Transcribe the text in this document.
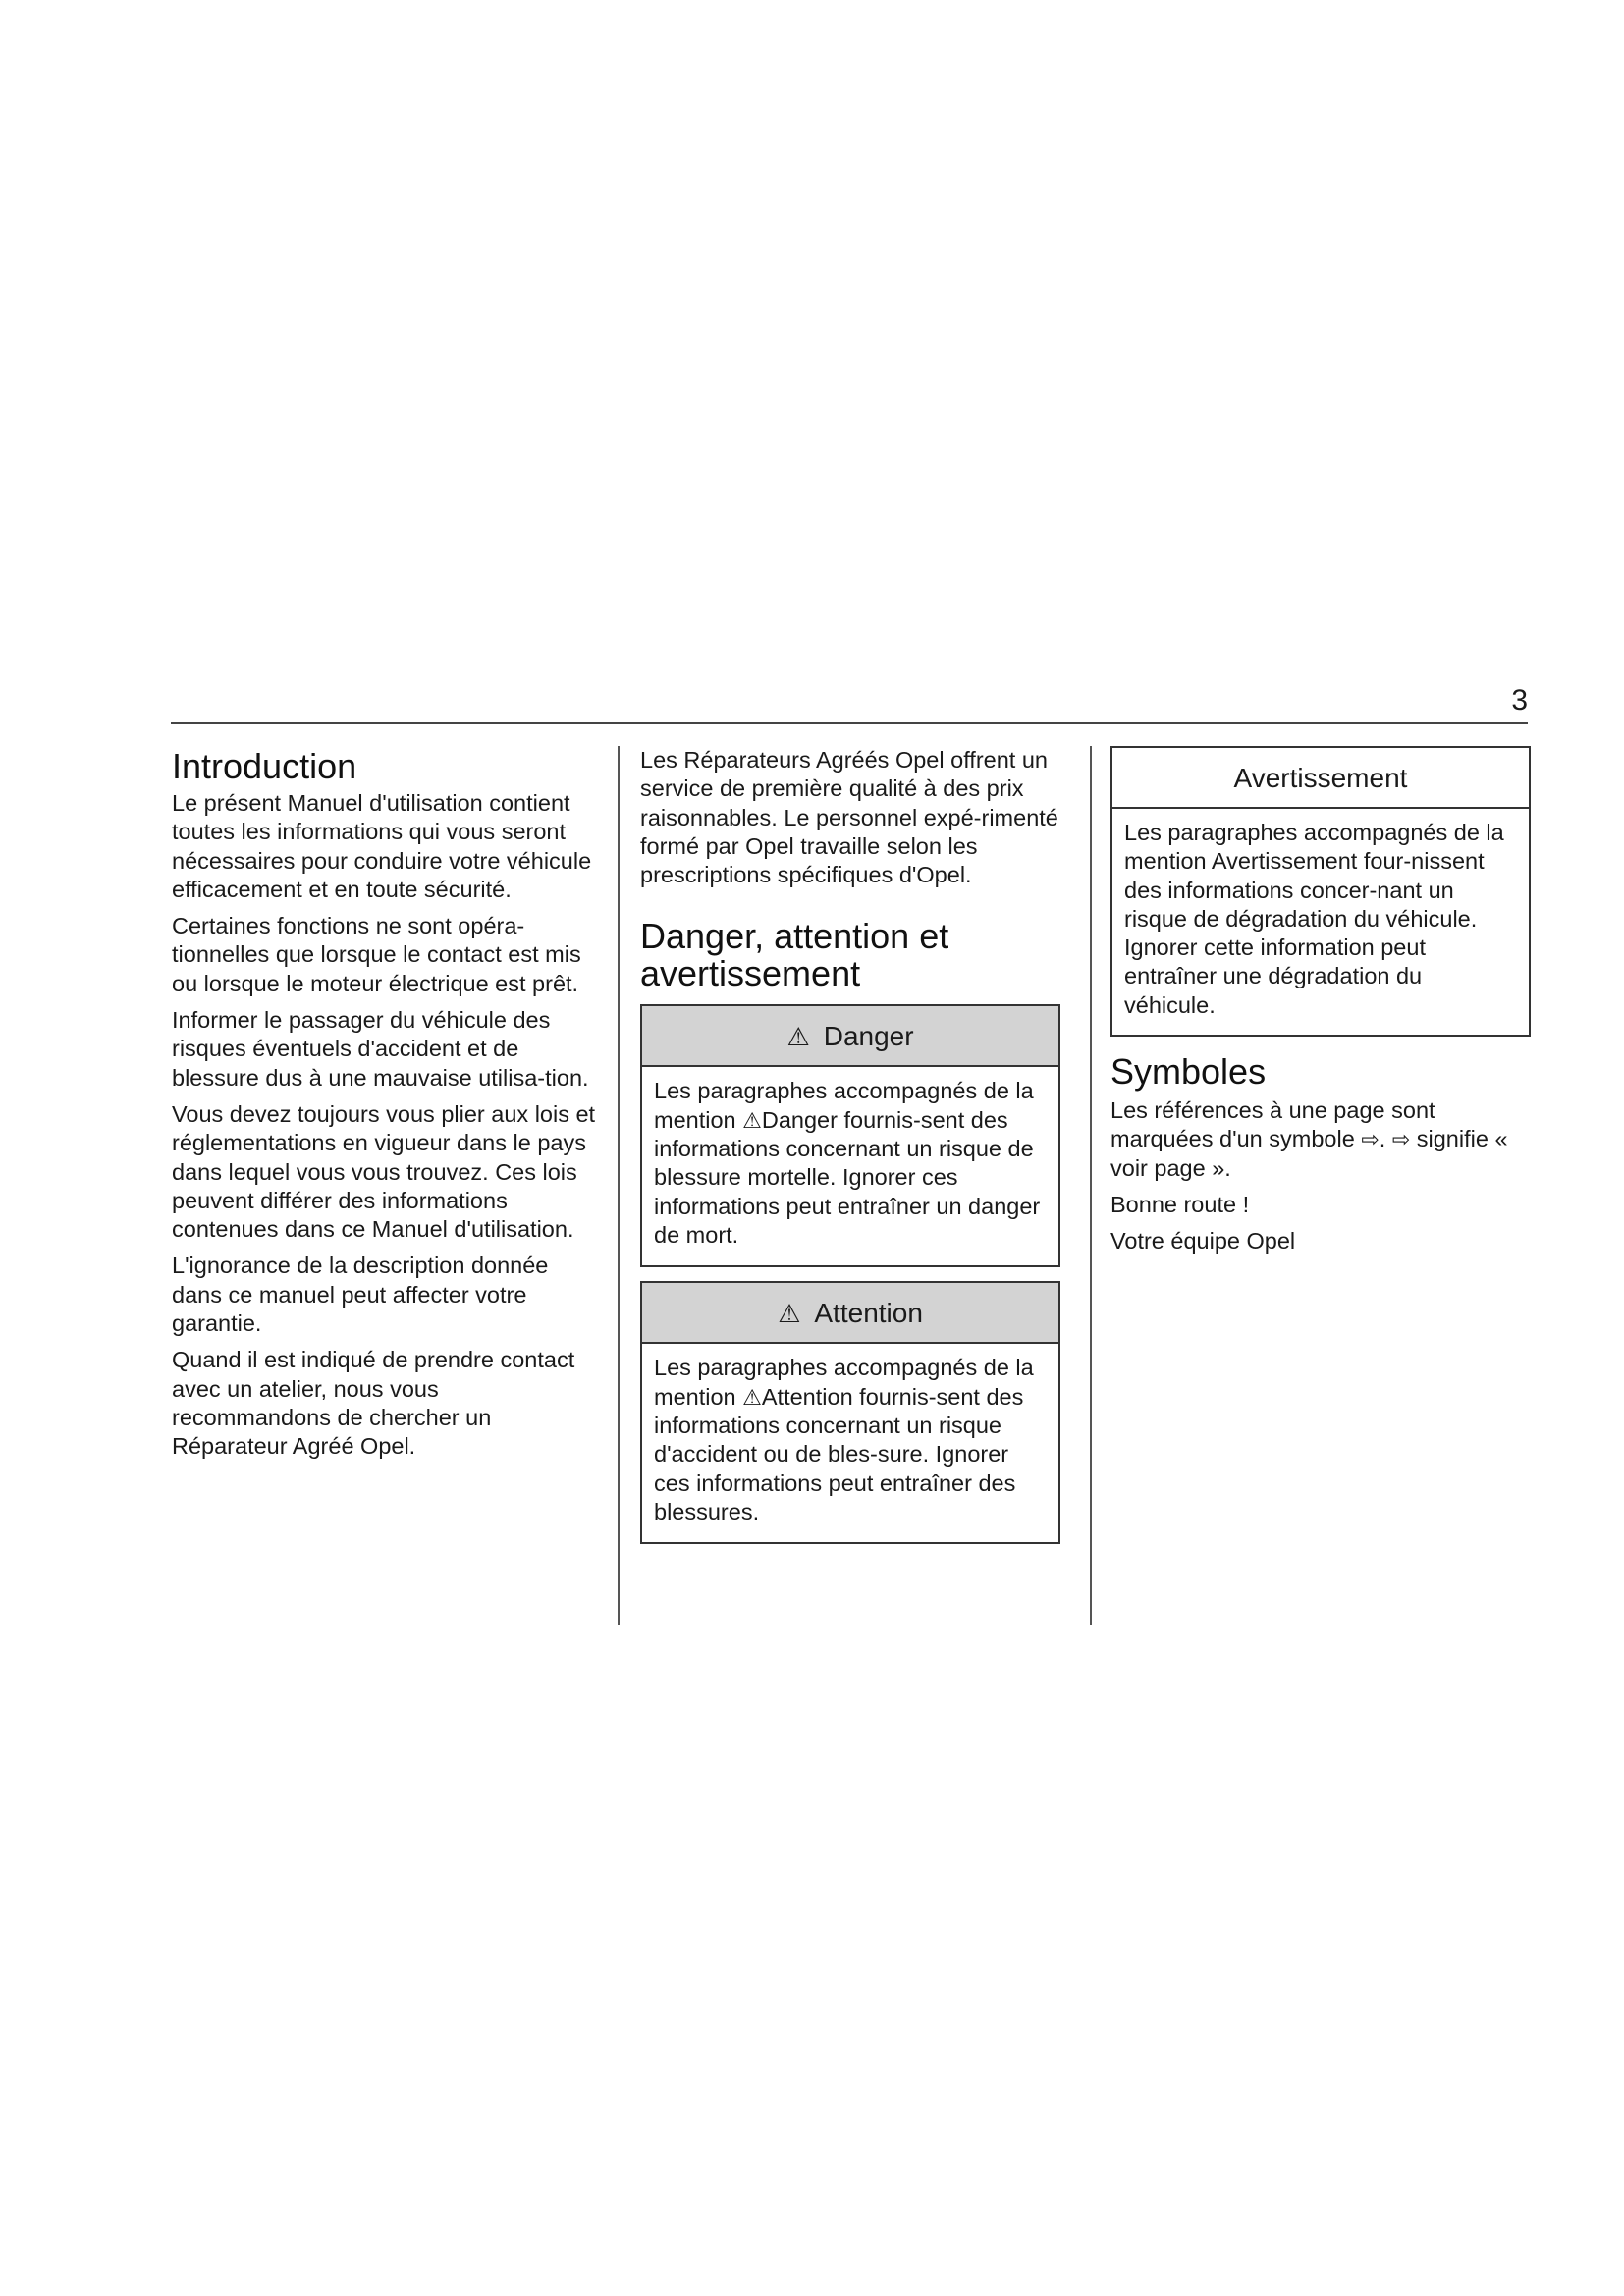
3
Introduction

Le présent Manuel d'utilisation contient toutes les informations qui vous seront nécessaires pour conduire votre véhicule efficacement et en toute sécurité.

Certaines fonctions ne sont opéra-tionnelles que lorsque le contact est mis ou lorsque le moteur électrique est prêt.

Informer le passager du véhicule des risques éventuels d'accident et de blessure dus à une mauvaise utilisa-tion.

Vous devez toujours vous plier aux lois et réglementations en vigueur dans le pays dans lequel vous vous trouvez. Ces lois peuvent différer des informations contenues dans ce Manuel d'utilisation.

L'ignorance de la description donnée dans ce manuel peut affecter votre garantie.

Quand il est indiqué de prendre contact avec un atelier, nous vous recommandons de chercher un Réparateur Agréé Opel.

Les Réparateurs Agréés Opel offrent un service de première qualité à des prix raisonnables. Le personnel expé-rimenté formé par Opel travaille selon les prescriptions spécifiques d'Opel.

Danger, attention et avertissement
⚠ Danger

Les paragraphes accompagnés de la mention ⚠Danger fournis-sent des informations concernant un risque de blessure mortelle. Ignorer ces informations peut entraîner un danger de mort.

⚠ Attention

Les paragraphes accompagnés de la mention ⚠Attention fournis-sent des informations concernant un risque d'accident ou de bles-sure. Ignorer ces informations peut entraîner des blessures.

Avertissement

Les paragraphes accompagnés de la mention Avertissement four-nissent des informations concer-nant un risque de dégradation du véhicule. Ignorer cette information peut entraîner une dégradation du véhicule.

Symboles

Les références à une page sont marquées d'un symbole ⇨. ⇨ signifie « voir page ».

Bonne route !

Votre équipe Opel
